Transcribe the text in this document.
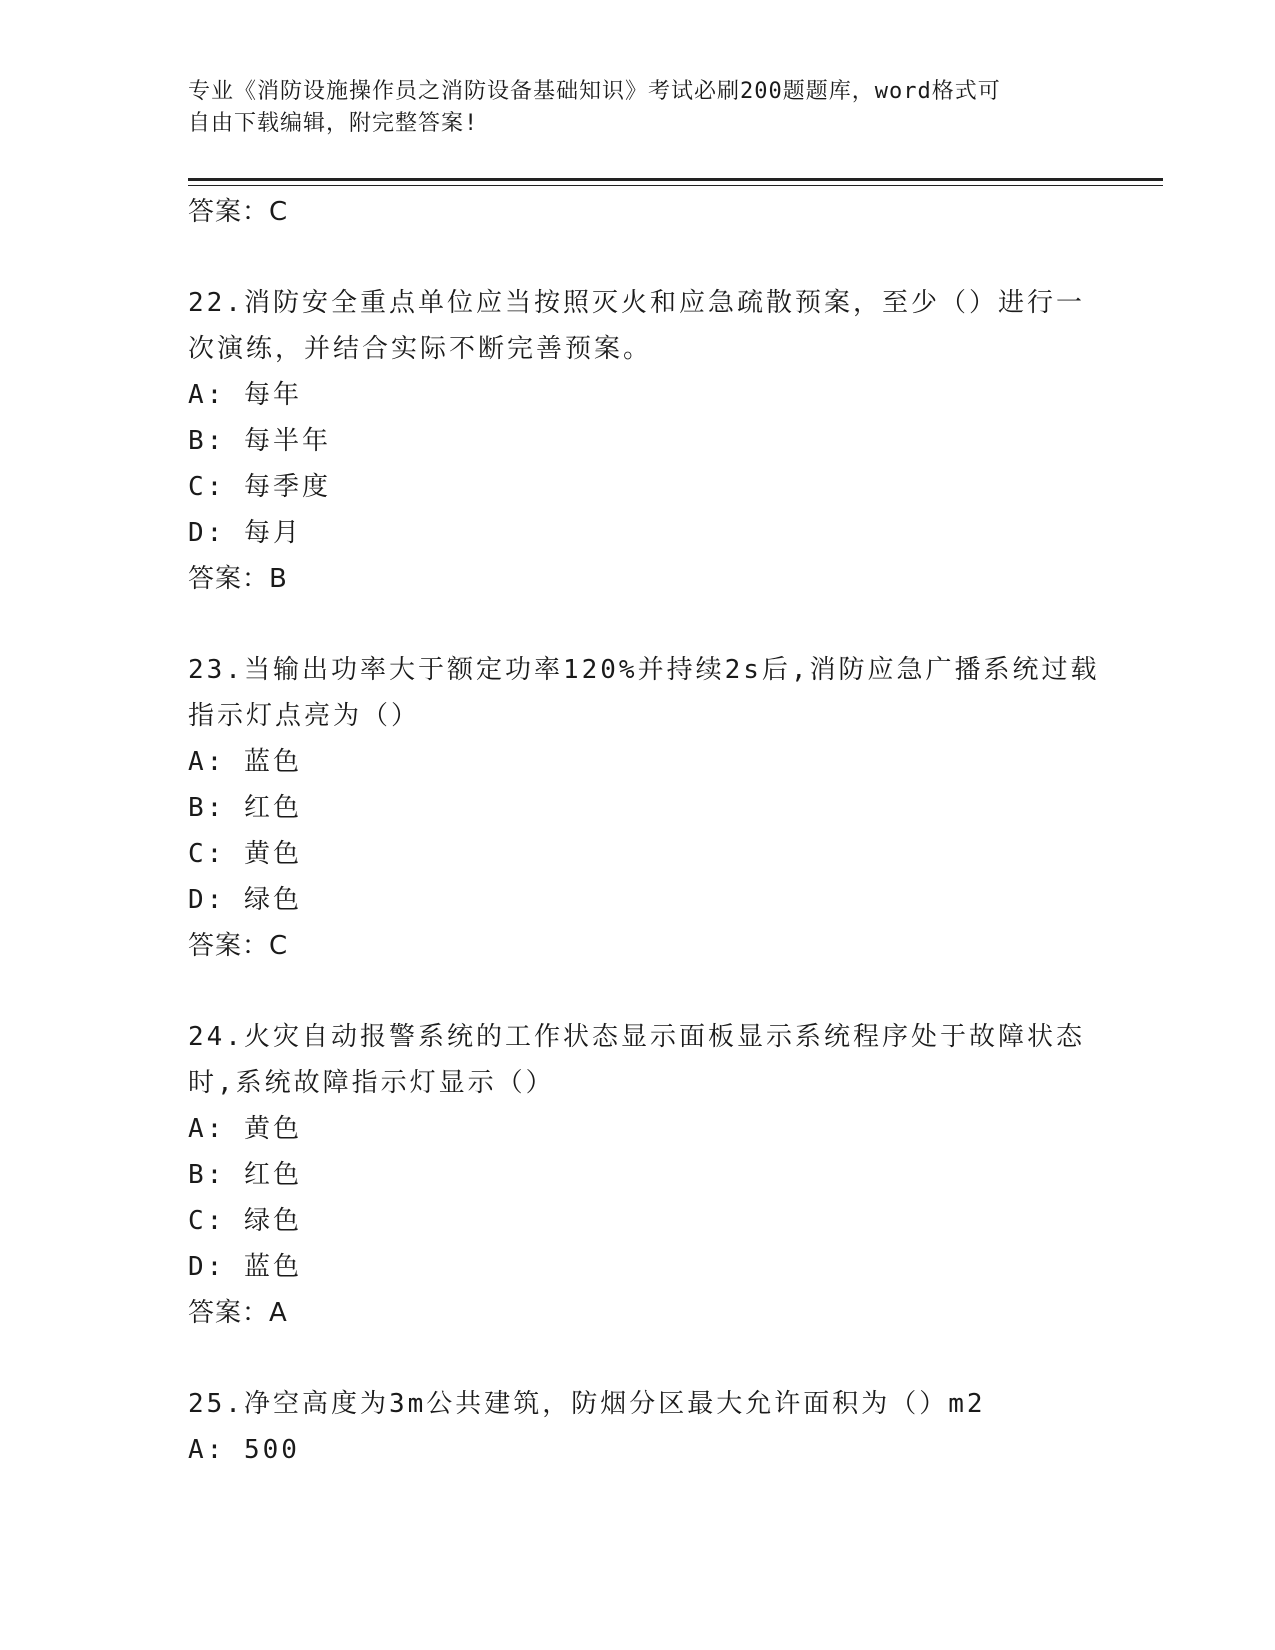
专业《消防设施操作员之消防设备基础知识》考试必刷200题题库，word格式可
自由下载编辑，附完整答案!
答案：C
22.消防安全重点单位应当按照灭火和应急疏散预案，至少（）进行一
次演练，并结合实际不断完善预案。
A: 每年
B: 每半年
C: 每季度
D: 每月
答案：B
23.当输出功率大于额定功率120%并持续2s后,消防应急广播系统过载
指示灯点亮为（）
A: 蓝色
B: 红色
C: 黄色
D: 绿色
答案：C
24.火灾自动报警系统的工作状态显示面板显示系统程序处于故障状态
时,系统故障指示灯显示（）
A: 黄色
B: 红色
C: 绿色
D: 蓝色
答案：A
25.净空高度为3m公共建筑，防烟分区最大允许面积为（）m2
A: 500
